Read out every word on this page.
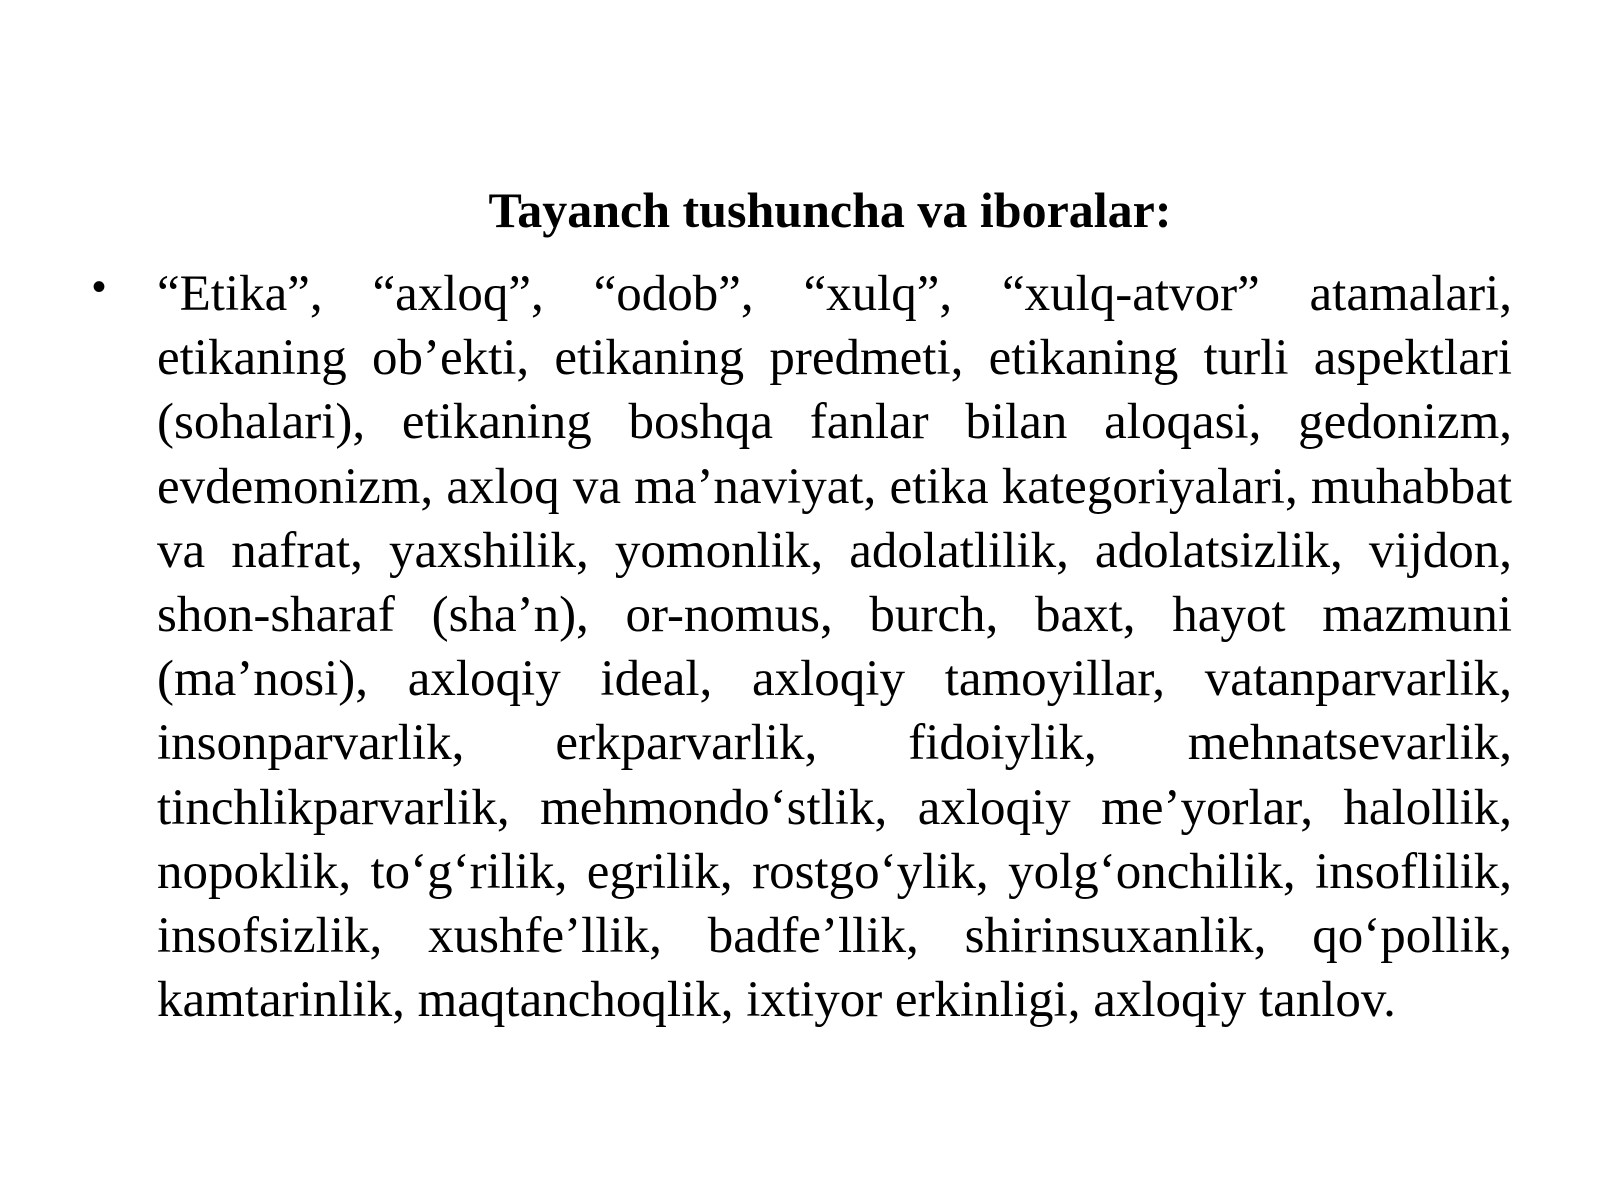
Tayanch tushuncha va iboralar:
• “Etika”, “axloq”, “odob”, “xulq”, “xulq-atvor” atamalari, etikaning ob’ekti, etikaning predmeti, etikaning turli aspektlari (sohalari), etikaning boshqa fanlar bilan aloqasi, gedonizm, evdemonizm, axloq va ma’naviyat, etika kategoriyalari, muhabbat va nafrat, yaxshilik, yomonlik, adolatlilik, adolatsizlik, vijdon, shon-sharaf (sha’n), or-nomus, burch, baxt, hayot mazmuni (ma’nosi), axloqiy ideal, axloqiy tamoyillar, vatanparvarlik, insonparvarlik, erkparvarlik, fidoiylik, mehnatsevarlik, tinchlikparvarlik, mehmondo‘stlik, axloqiy me’yorlar, halollik, nopoklik, to‘g‘rilik, egrilik, rostgo‘ylik, yolg‘onchilik, insoflilik, insofsizlik, xushfe’llik, badfe’llik, shirinsuxanlik, qo‘pollik, kamtarinlik, maqtanchoqlik, ixtiyor erkinligi, axloqiy tanlov.
